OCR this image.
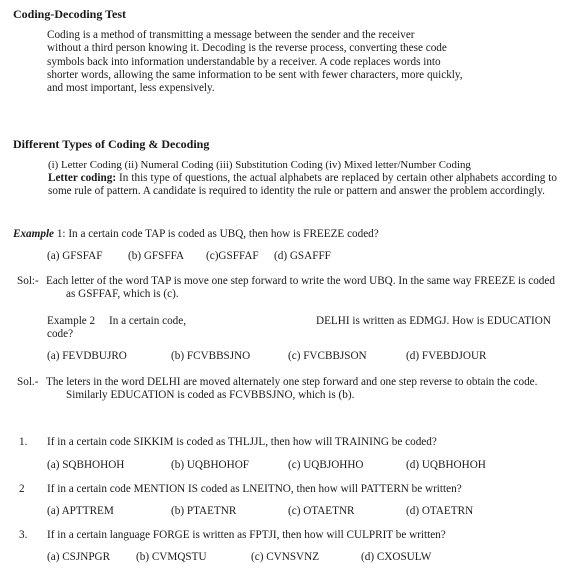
Coding-Decoding Test
Coding is a method of transmitting a message between the sender and the receiver
without a third person knowing it. Decoding is the reverse process, converting these code
symbols back into information understandable by a receiver. A code replaces words into
shorter words, allowing the same information to be sent with fewer characters, more quickly,
and most important, less expensively.
Different Types of Coding & Decoding
(i) Letter Coding (ii) Numeral Coding (iii) Substitution Coding (iv) Mixed letter/Number Coding
Letter coding: In this type of questions, the actual alphabets are replaced by certain other alphabets according to some rule of pattern. A candidate is required to identity the rule or pattern and answer the problem accordingly.
Example 1: In a certain code TAP is coded as UBQ, then how is FREEZE coded?
(a) GFSFAF (b) GFSFFA (c)GSFFAF (d) GSAFFF
Sol:- Each letter of the word TAP is move one step forward to write the word UBQ. In the same way FREEZE is coded as GSFFAF, which is (c).
Example 2 In a certain code,	DELHI is written as EDMGJ. How is EDUCATION
code?
(a) FEVDBUJRO	(b) FCVBBSJNO	(c) FVCBBJSON	(d) FVEBDJOUR
Sol.- The leters in the word DELHI are moved alternately one step forward and one step reverse to obtain the code. Similarly EDUCATION is coded as FCVBBSJNO, which is (b).
1. If in a certain code SIKKIM is coded as THLJJL, then how will TRAINING be coded?
(a) SQBHOHOH	(b) UQBHOHOF	(c) UQBJOHHO	(d) UQBHOHOH
2 If in a certain code MENTION IS coded as LNEITNO, then how will PATTERN be written?
(a) APTTREM	(b) PTAETNR	(c) OTAETNR	(d) OTAETRN
3. If in a certain language FORGE is written as FPTJI, then how will CULPRIT be written?
(a) CSJNPGR (b) CVMQSTU	(c) CVNSVNZ	(d) CXOSULW
